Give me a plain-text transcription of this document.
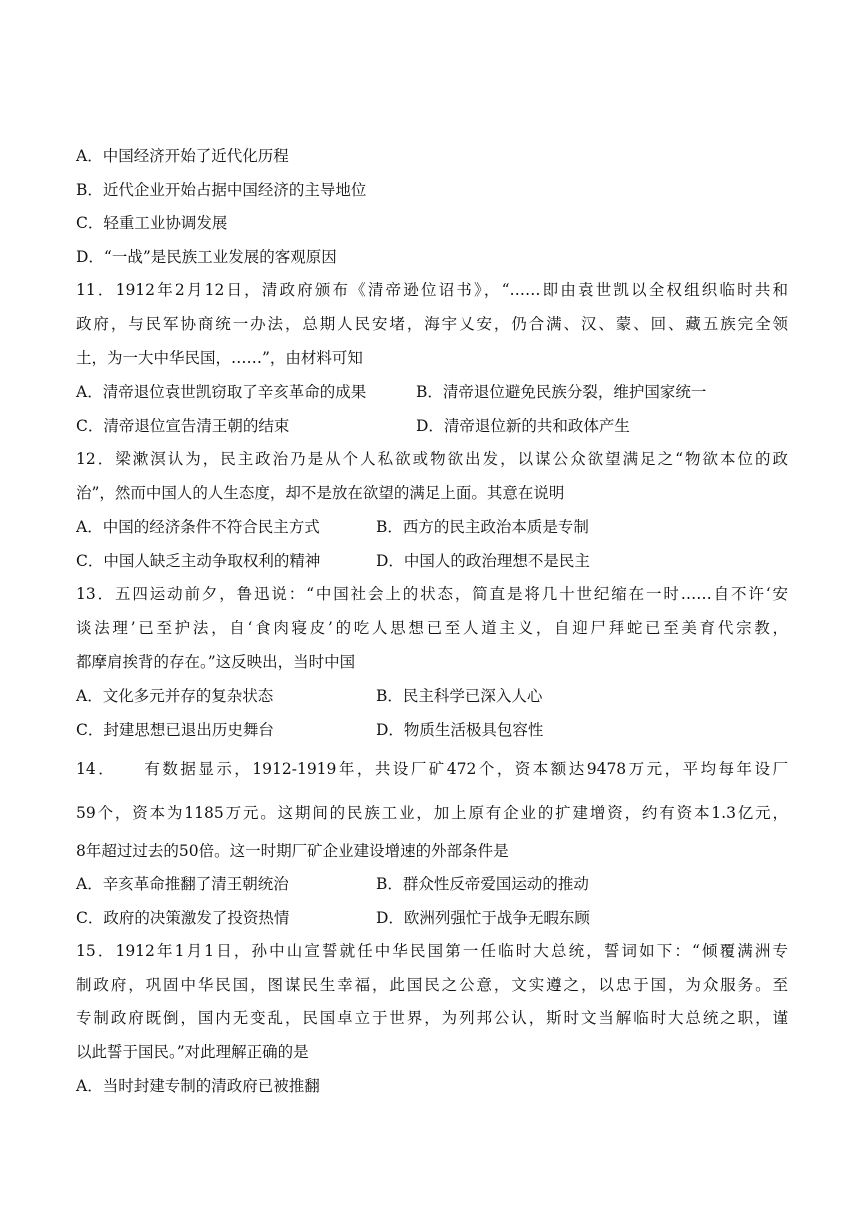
A．中国经济开始了近代化历程
B．近代企业开始占据中国经济的主导地位
C．轻重工业协调发展
D．“一战”是民族工业发展的客观原因
11．1912年2月12日，清政府颁布《清帝逊位诏书》，“……即由袁世凯以全权组织临时共和
政府，与民军协商统一办法，总期人民安堵，海宇乂安，仍合满、汉、蒙、回、藏五族完全领
土，为一大中华民国，……”，由材料可知
A．清帝退位袁世凯窃取了辛亥革命的成果	B．清帝退位避免民族分裂，维护国家统一
C．清帝退位宣告清王朝的结束	D．清帝退位新的共和政体产生
12．梁漱溟认为，民主政治乃是从个人私欲或物欲出发，以谋公众欲望满足之“物欲本位的政
治”，然而中国人的人生态度，却不是放在欲望的满足上面。其意在说明
A．中国的经济条件不符合民主方式	B．西方的民主政治本质是专制
C．中国人缺乏主动争取权利的精神	D．中国人的政治理想不是民主
13．五四运动前夕，鲁迅说：“中国社会上的状态，简直是将几十世纪缩在一时……自不许‘安
谈法理’已至护法，自‘食肉寝皮’的吃人思想已至人道主义，自迎尸拜蛇已至美育代宗教，
都摩肩挨背的存在。”这反映出，当时中国
A．文化多元并存的复杂状态	B．民主科学已深入人心
C．封建思想已退出历史舞台	D．物质生活极具包容性
14．　　有数据显示，1912-1919年，共设厂矿472个，资本额达9478万元，平均每年设厂
59个，资本为1185万元。这期间的民族工业，加上原有企业的扩建增资，约有资本1.3亿元，
8年超过过去的50倍。这一时期厂矿企业建设增速的外部条件是
A．辛亥革命推翻了清王朝统治	B．群众性反帝爱国运动的推动
C．政府的决策激发了投资热情	D．欧洲列强忙于战争无暇东顾
15．1912年1月1日，孙中山宣誓就任中华民国第一任临时大总统，誓词如下：“倾覆满洲专
制政府，巩固中华民国，图谋民生幸福，此国民之公意，文实遵之，以忠于国，为众服务。至
专制政府既倒，国内无变乱，民国卓立于世界，为列邦公认，斯时文当解临时大总统之职，谨
以此誓于国民。”对此理解正确的是
A．当时封建专制的清政府已被推翻
